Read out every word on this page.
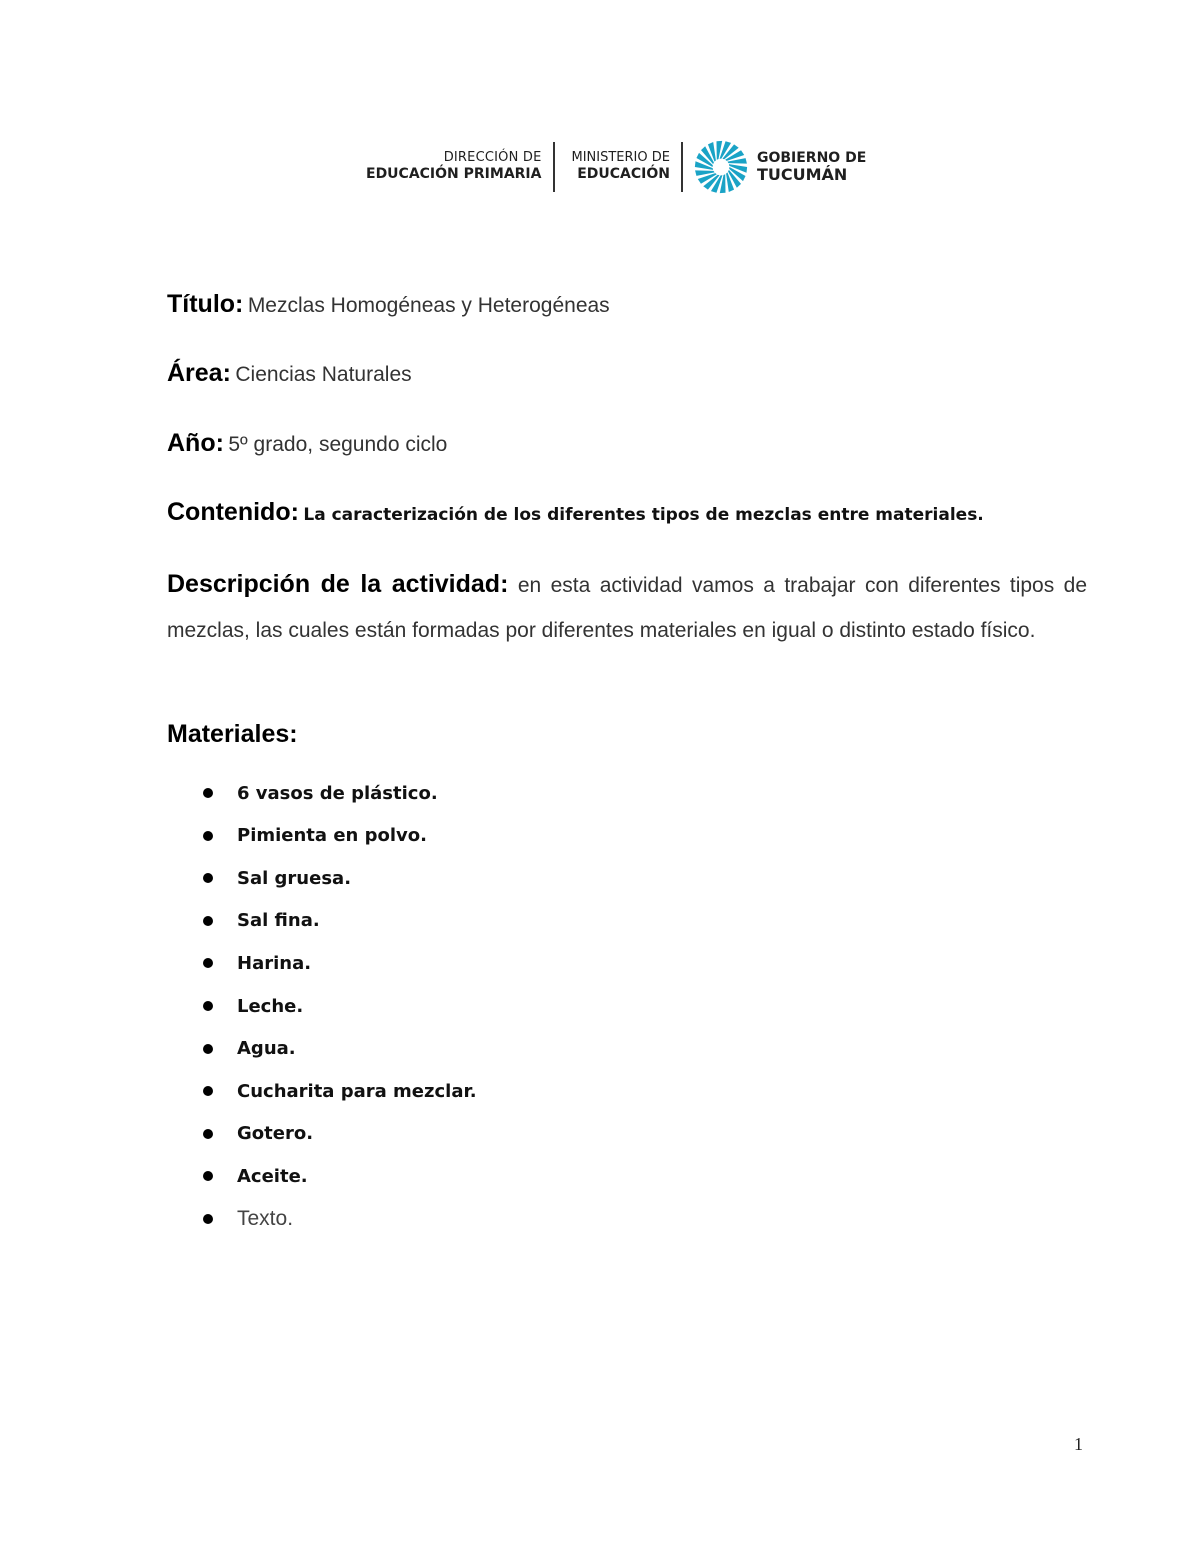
DIRECCIÓN DE
EDUCACIÓN PRIMARIA
MINISTERIO DE
EDUCACIÓN
GOBIERNO DE
TUCUMÁN
Título: Mezclas Homogéneas y Heterogéneas
Área: Ciencias Naturales
Año: 5º grado, segundo ciclo
Contenido: La caracterización de los diferentes tipos de mezclas entre materiales.
Descripción de la actividad: en esta actividad vamos a trabajar con diferentes tipos de mezclas, las cuales están formadas por diferentes materiales en igual o distinto estado físico.
Materiales:
6 vasos de plástico.
Pimienta en polvo.
Sal gruesa.
Sal fina.
Harina.
Leche.
Agua.
Cucharita para mezclar.
Gotero.
Aceite.
Texto.
1
